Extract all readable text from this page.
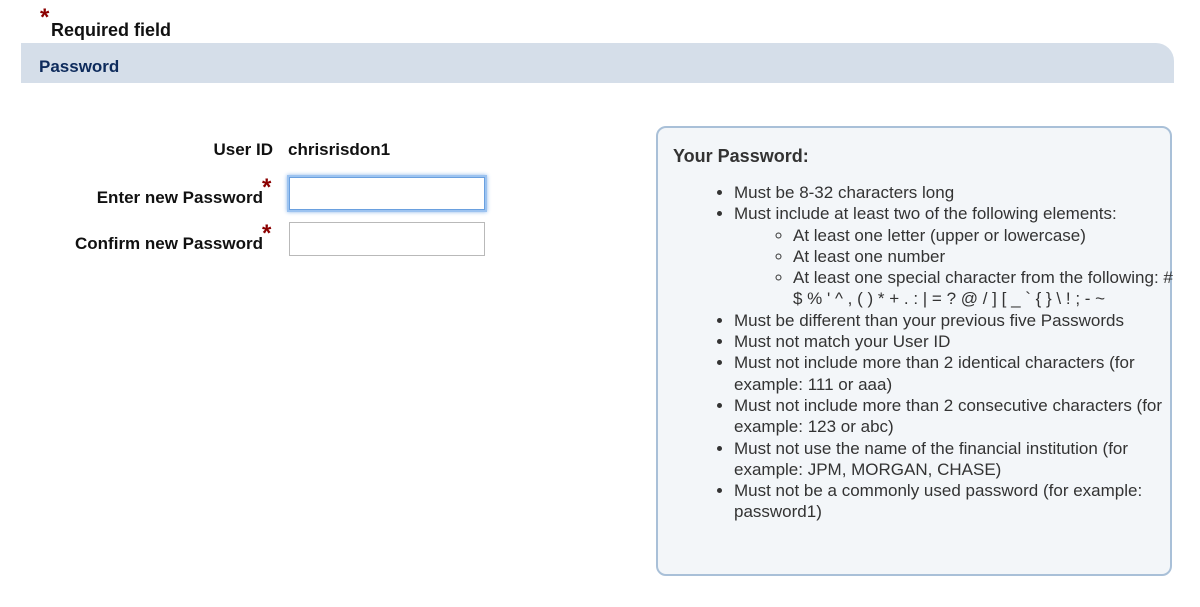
* Required field
Password
User ID chrisrisdon1
Enter new Password *
Confirm new Password *
Your Password:
• Must be 8-32 characters long
• Must include at least two of the following elements:
◦ At least one letter (upper or lowercase)
◦ At least one number
◦ At least one special character from the following: # $ % ' ^ , ( ) * + . : | = ? @ / ] [ _ ` { } \ ! ; - ~
• Must be different than your previous five Passwords
• Must not match your User ID
• Must not include more than 2 identical characters (for example: 111 or aaa)
• Must not include more than 2 consecutive characters (for example: 123 or abc)
• Must not use the name of the financial institution (for example: JPM, MORGAN, CHASE)
• Must not be a commonly used password (for example: password1)
